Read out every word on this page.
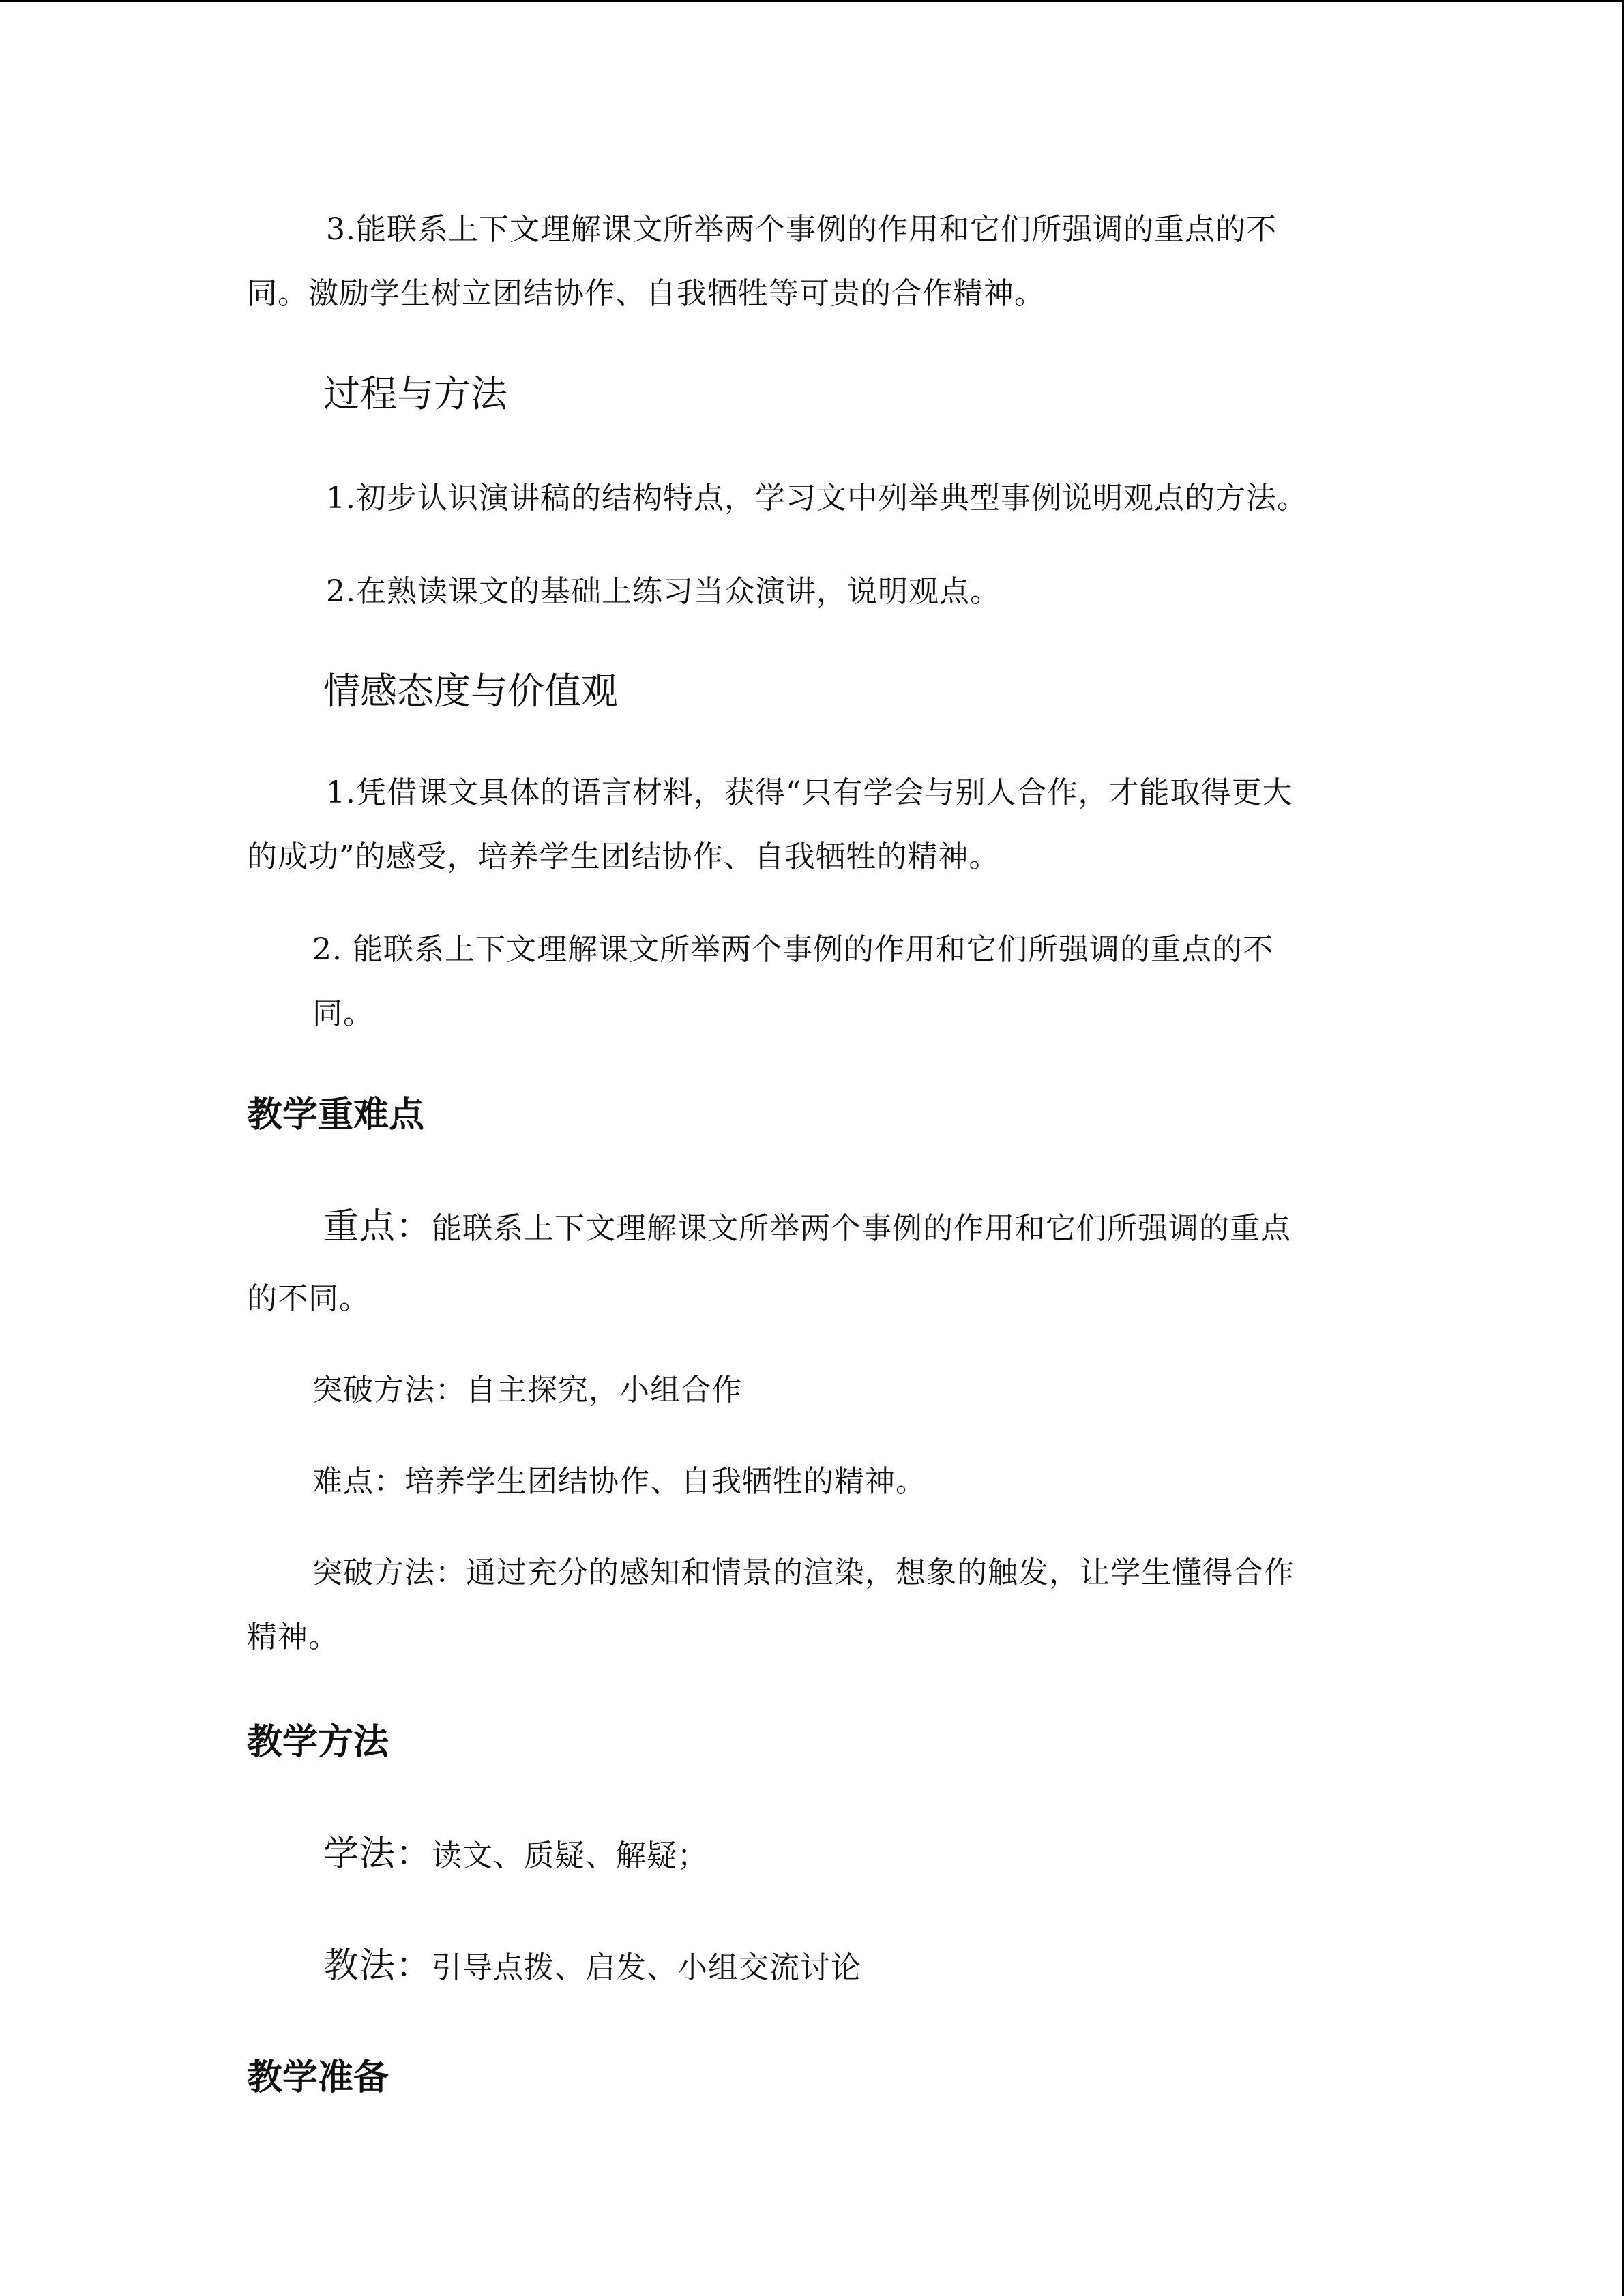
3.能联系上下文理解课文所举两个事例的作用和它们所强调的重点的不
同。激励学生树立团结协作、自我牺牲等可贵的合作精神。
过程与方法
1.初步认识演讲稿的结构特点，学习文中列举典型事例说明观点的方法。
2.在熟读课文的基础上练习当众演讲，说明观点。
情感态度与价值观
1.凭借课文具体的语言材料，获得“只有学会与别人合作，才能取得更大
的成功”的感受，培养学生团结协作、自我牺牲的精神。
2. 能联系上下文理解课文所举两个事例的作用和它们所强调的重点的不
同。
教学重难点
重点：能联系上下文理解课文所举两个事例的作用和它们所强调的重点
的不同。
突破方法：自主探究，小组合作
难点：培养学生团结协作、自我牺牲的精神。
突破方法：通过充分的感知和情景的渲染，想象的触发，让学生懂得合作
精神。
教学方法
学法：读文、质疑、解疑；
教法：引导点拨、启发、小组交流讨论
教学准备
